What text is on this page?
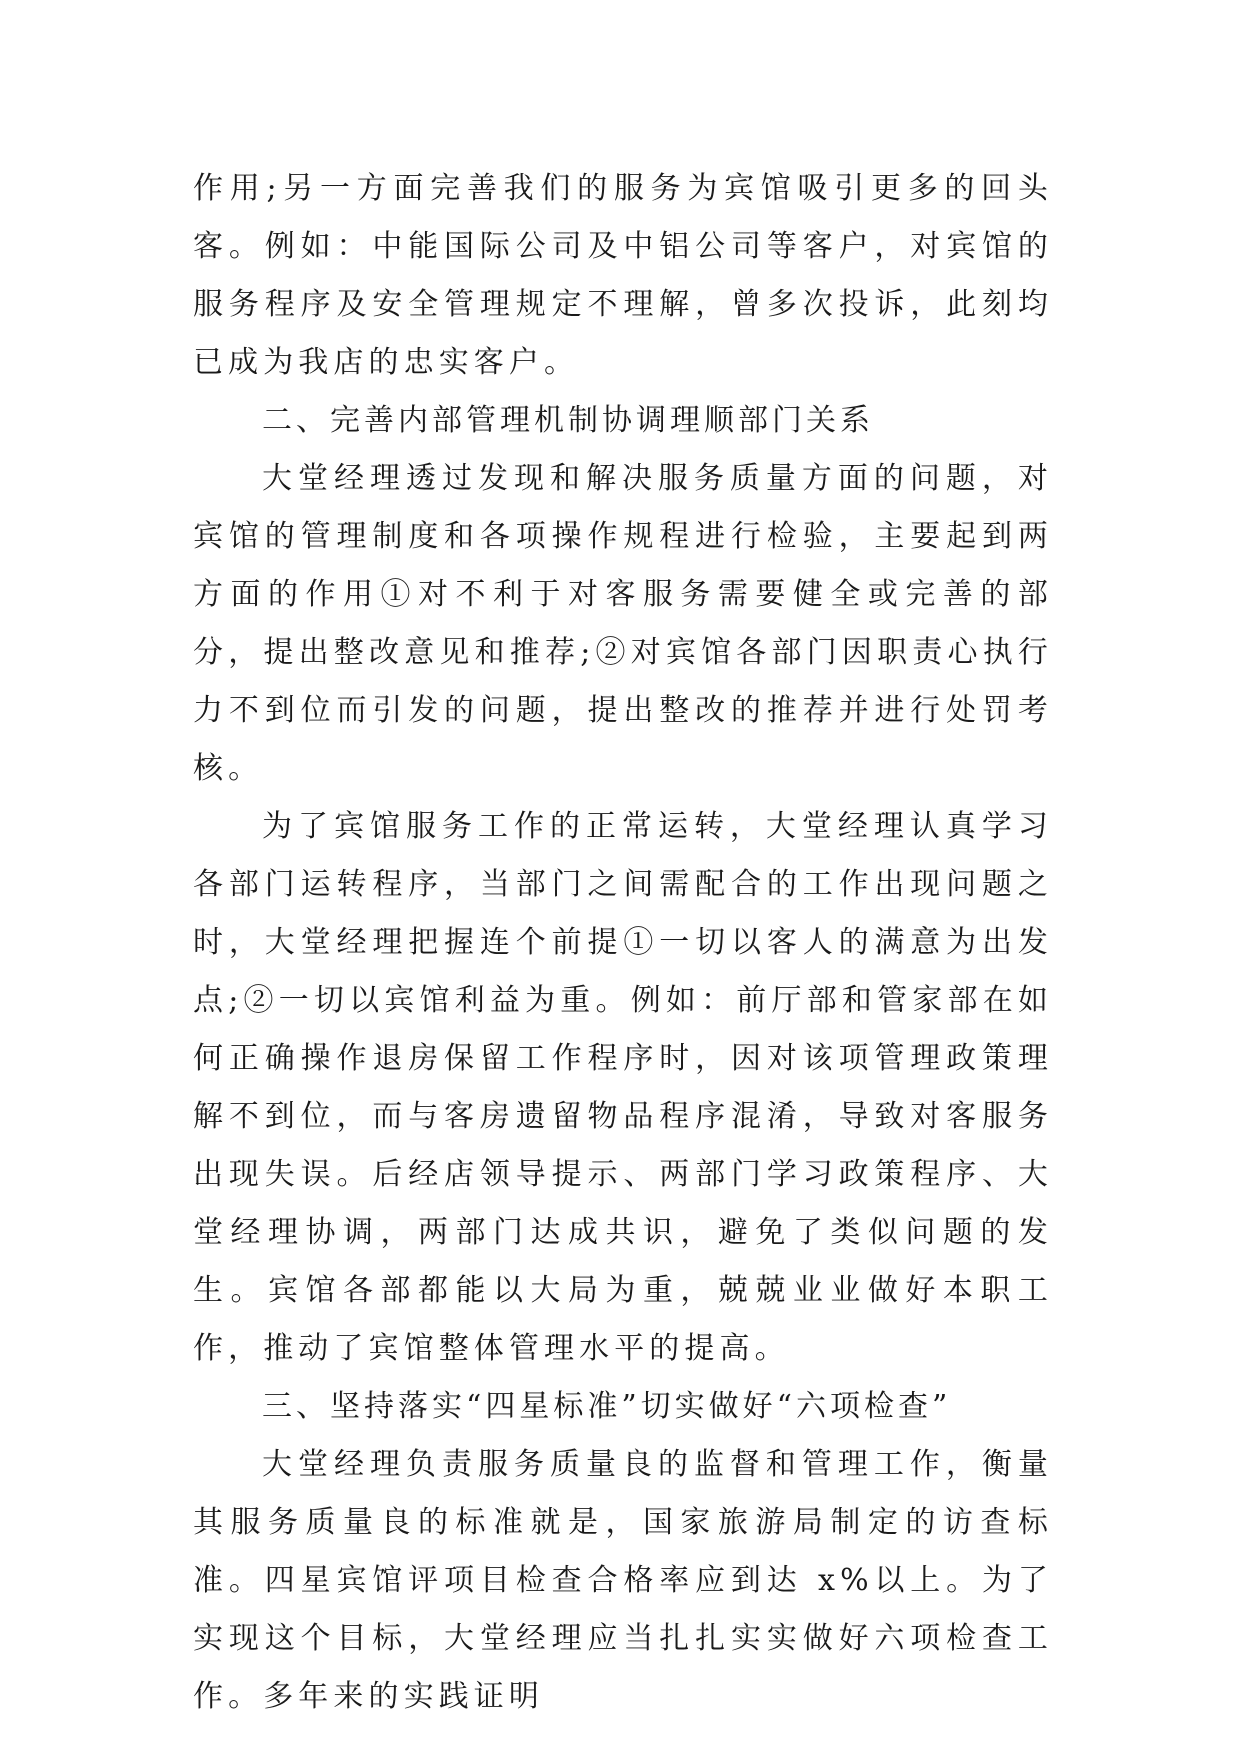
作用;另一方面完善我们的服务为宾馆吸引更多的回头客。例如：中能国际公司及中铝公司等客户，对宾馆的服务程序及安全管理规定不理解，曾多次投诉，此刻均已成为我店的忠实客户。

二、完善内部管理机制协调理顺部门关系

大堂经理透过发现和解决服务质量方面的问题，对宾馆的管理制度和各项操作规程进行检验，主要起到两方面的作用①对不利于对客服务需要健全或完善的部分，提出整改意见和推荐;②对宾馆各部门因职责心执行力不到位而引发的问题，提出整改的推荐并进行处罚考核。

为了宾馆服务工作的正常运转，大堂经理认真学习各部门运转程序，当部门之间需配合的工作出现问题之时，大堂经理把握连个前提①一切以客人的满意为出发点;②一切以宾馆利益为重。例如：前厅部和管家部在如何正确操作退房保留工作程序时，因对该项管理政策理解不到位，而与客房遗留物品程序混淆，导致对客服务出现失误。后经店领导提示、两部门学习政策程序、大堂经理协调，两部门达成共识，避免了类似问题的发生。宾馆各部都能以大局为重，兢兢业业做好本职工作，推动了宾馆整体管理水平的提高。

三、坚持落实“四星标准”切实做好“六项检查”

大堂经理负责服务质量良的监督和管理工作，衡量其服务质量良的标准就是，国家旅游局制定的访查标准。四星宾馆评项目检查合格率应到达 x%以上。为了实现这个目标，大堂经理应当扎扎实实做好六项检查工作。多年来的实践证明
